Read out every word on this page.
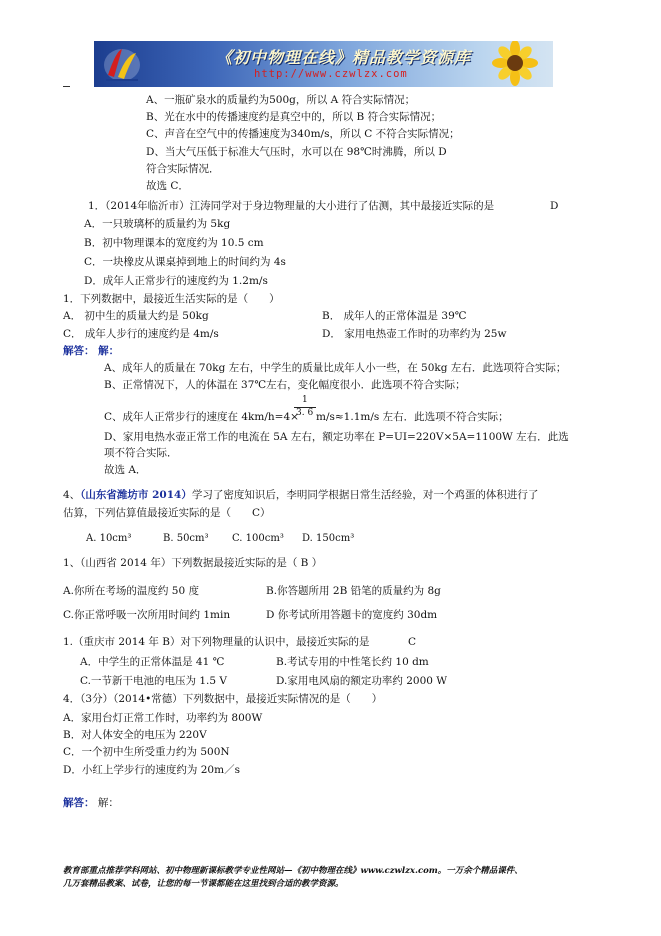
《初中物理在线》精品教学资源库
http://www.czwlzx.com
A、一瓶矿泉水的质量约为500g，所以 A 符合实际情况；
B、光在水中的传播速度约是真空中的，所以 B 符合实际情况；
C、声音在空气中的传播速度为340m/s，所以 C 不符合实际情况；
D、当大气压低于标准大气压时，水可以在 98℃时沸腾，所以 D
符合实际情况．
故选 C．
1．（2014年临沂市）江涛同学对于身边物理量的大小进行了估测，其中最接近实际的是	D
A．一只玻璃杯的质量约为 5kg
B．初中物理课本的宽度约为 10.5 cm
C．一块橡皮从课桌掉到地上的时间约为 4s
D．成年人正常步行的速度约为 1.2m/s
1．下列数据中，最接近生活实际的是（　　）
A． 初中生的质量大约是 50kg	B． 成年人的正常体温是 39℃
C． 成年人步行的速度约是 4m/s	D． 家用电热壶工作时的功率约为 25w
解答： 解：
A、成年人的质量在 70kg 左右，中学生的质量比成年人小一些，在 50kg 左右．此选项符合实际；
B、正常情况下，人的体温在 37℃左右，变化幅度很小．此选项不符合实际；
1
3. 6
C、成年人正常步行的速度在 4km/h=4× m/s≈1.1m/s 左右．此选项不符合实际；
D、家用电热水壶正常工作的电流在 5A 左右，额定功率在 P=UI=220V×5A=1100W 左右．此选
项不符合实际．
故选 A．
4、（山东省潍坊市 2014）学习了密度知识后，李明同学根据日常生活经验，对一个鸡蛋的体积进行了
估算，下列估算值最接近实际的是（　　C）
A. 10cm³	B. 50cm³ C. 100cm³ D. 150cm³
1、（山西省 2014 年）下列数据最接近实际的是（ B ）
A.你所在考场的温度约 50 度	B.你答题所用 2B 铅笔的质量约为 8g
C.你正常呼吸一次所用时间约 1min	D 你考试所用答题卡的宽度约 30dm
1.（重庆市 2014 年 B）对下列物理量的认识中，最接近实际的是	C
A．中学生的正常体温是 41 ℃	B.考试专用的中性笔长约 10 dm
C.一节新干电池的电压为 1.5 V	D.家用电风扇的额定功率约 2000 W
4．（3分）（2014•常德）下列数据中，最接近实际情况的是（　　）
A．家用台灯正常工作时，功率约为 800W
B．对人体安全的电压为 220V
C．一个初中生所受重力约为 500N
D．小红上学步行的速度约为 20m／s
解答： 解：
教育部重点推荐学科网站、初中物理新课标教学专业性网站—《初中物理在线》www.czwlzx.com。一万余个精品课件、
几万套精品教案、试卷，让您的每一节课都能在这里找到合适的教学资源。
